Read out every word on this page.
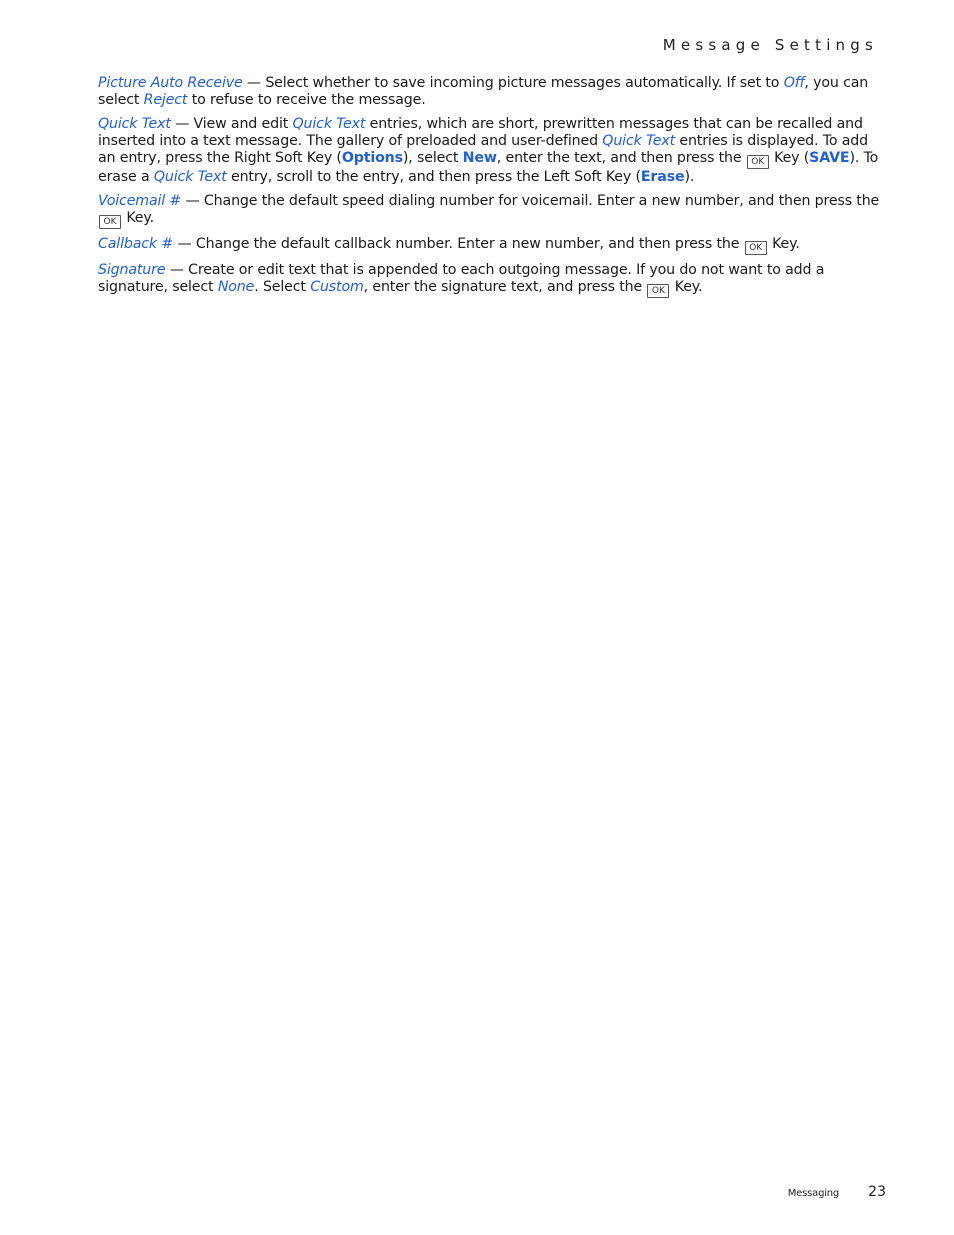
Message Settings

Picture Auto Receive — Select whether to save incoming picture messages automatically. If set to Off, you can select Reject to refuse to receive the message.

Quick Text — View and edit Quick Text entries, which are short, prewritten messages that can be recalled and inserted into a text message. The gallery of preloaded and user-defined Quick Text entries is displayed. To add an entry, press the Right Soft Key (Options), select New, enter the text, and then press the OK Key (SAVE). To erase a Quick Text entry, scroll to the entry, and then press the Left Soft Key (Erase).

Voicemail # — Change the default speed dialing number for voicemail. Enter a new number, and then press the OK Key.

Callback # — Change the default callback number. Enter a new number, and then press the OK Key.

Signature — Create or edit text that is appended to each outgoing message. If you do not want to add a signature, select None. Select Custom, enter the signature text, and press the OK Key.

Messaging 23
